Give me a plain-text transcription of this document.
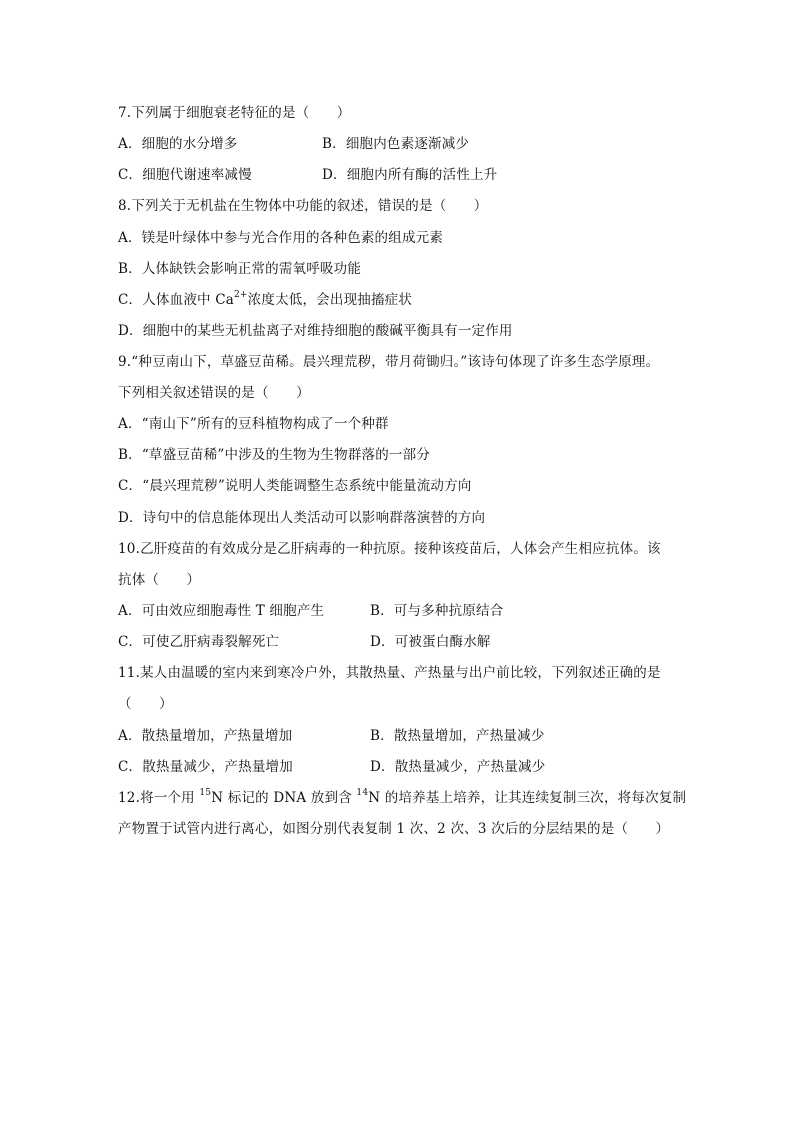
7.下列属于细胞衰老特征的是（　　）
A．细胞的水分增多	B．细胞内色素逐渐减少
C．细胞代谢速率减慢	D．细胞内所有酶的活性上升
8.下列关于无机盐在生物体中功能的叙述，错误的是（　　）
A．镁是叶绿体中参与光合作用的各种色素的组成元素
B．人体缺铁会影响正常的需氧呼吸功能
C．人体血液中 $Ca^{2+}$浓度太低，会出现抽搐症状
D．细胞中的某些无机盐离子对维持细胞的酸碱平衡具有一定作用
9.“种豆南山下，草盛豆苗稀。晨兴理荒秽，带月荷锄归。”该诗句体现了许多生态学原理。
下列相关叙述错误的是（　　）
A．“南山下”所有的豆科植物构成了一个种群
B．“草盛豆苗稀”中涉及的生物为生物群落的一部分
C．“晨兴理荒秽”说明人类能调整生态系统中能量流动方向
D．诗句中的信息能体现出人类活动可以影响群落演替的方向
10.乙肝疫苗的有效成分是乙肝病毒的一种抗原。接种该疫苗后，人体会产生相应抗体。该
抗体（　　）
A．可由效应细胞毒性 T 细胞产生	B．可与多种抗原结合
C．可使乙肝病毒裂解死亡	D．可被蛋白酶水解
11.某人由温暖的室内来到寒冷户外，其散热量、产热量与出户前比较，下列叙述正确的是
（　　）
A．散热量增加，产热量增加	B．散热量增加，产热量减少
C．散热量减少，产热量增加	D．散热量减少，产热量减少
12.将一个用 $^{15}$N 标记的 DNA 放到含 $^{14}$N 的培养基上培养，让其连续复制三次，将每次复制
产物置于试管内进行离心，如图分别代表复制 1 次、2 次、3 次后的分层结果的是（　　）
